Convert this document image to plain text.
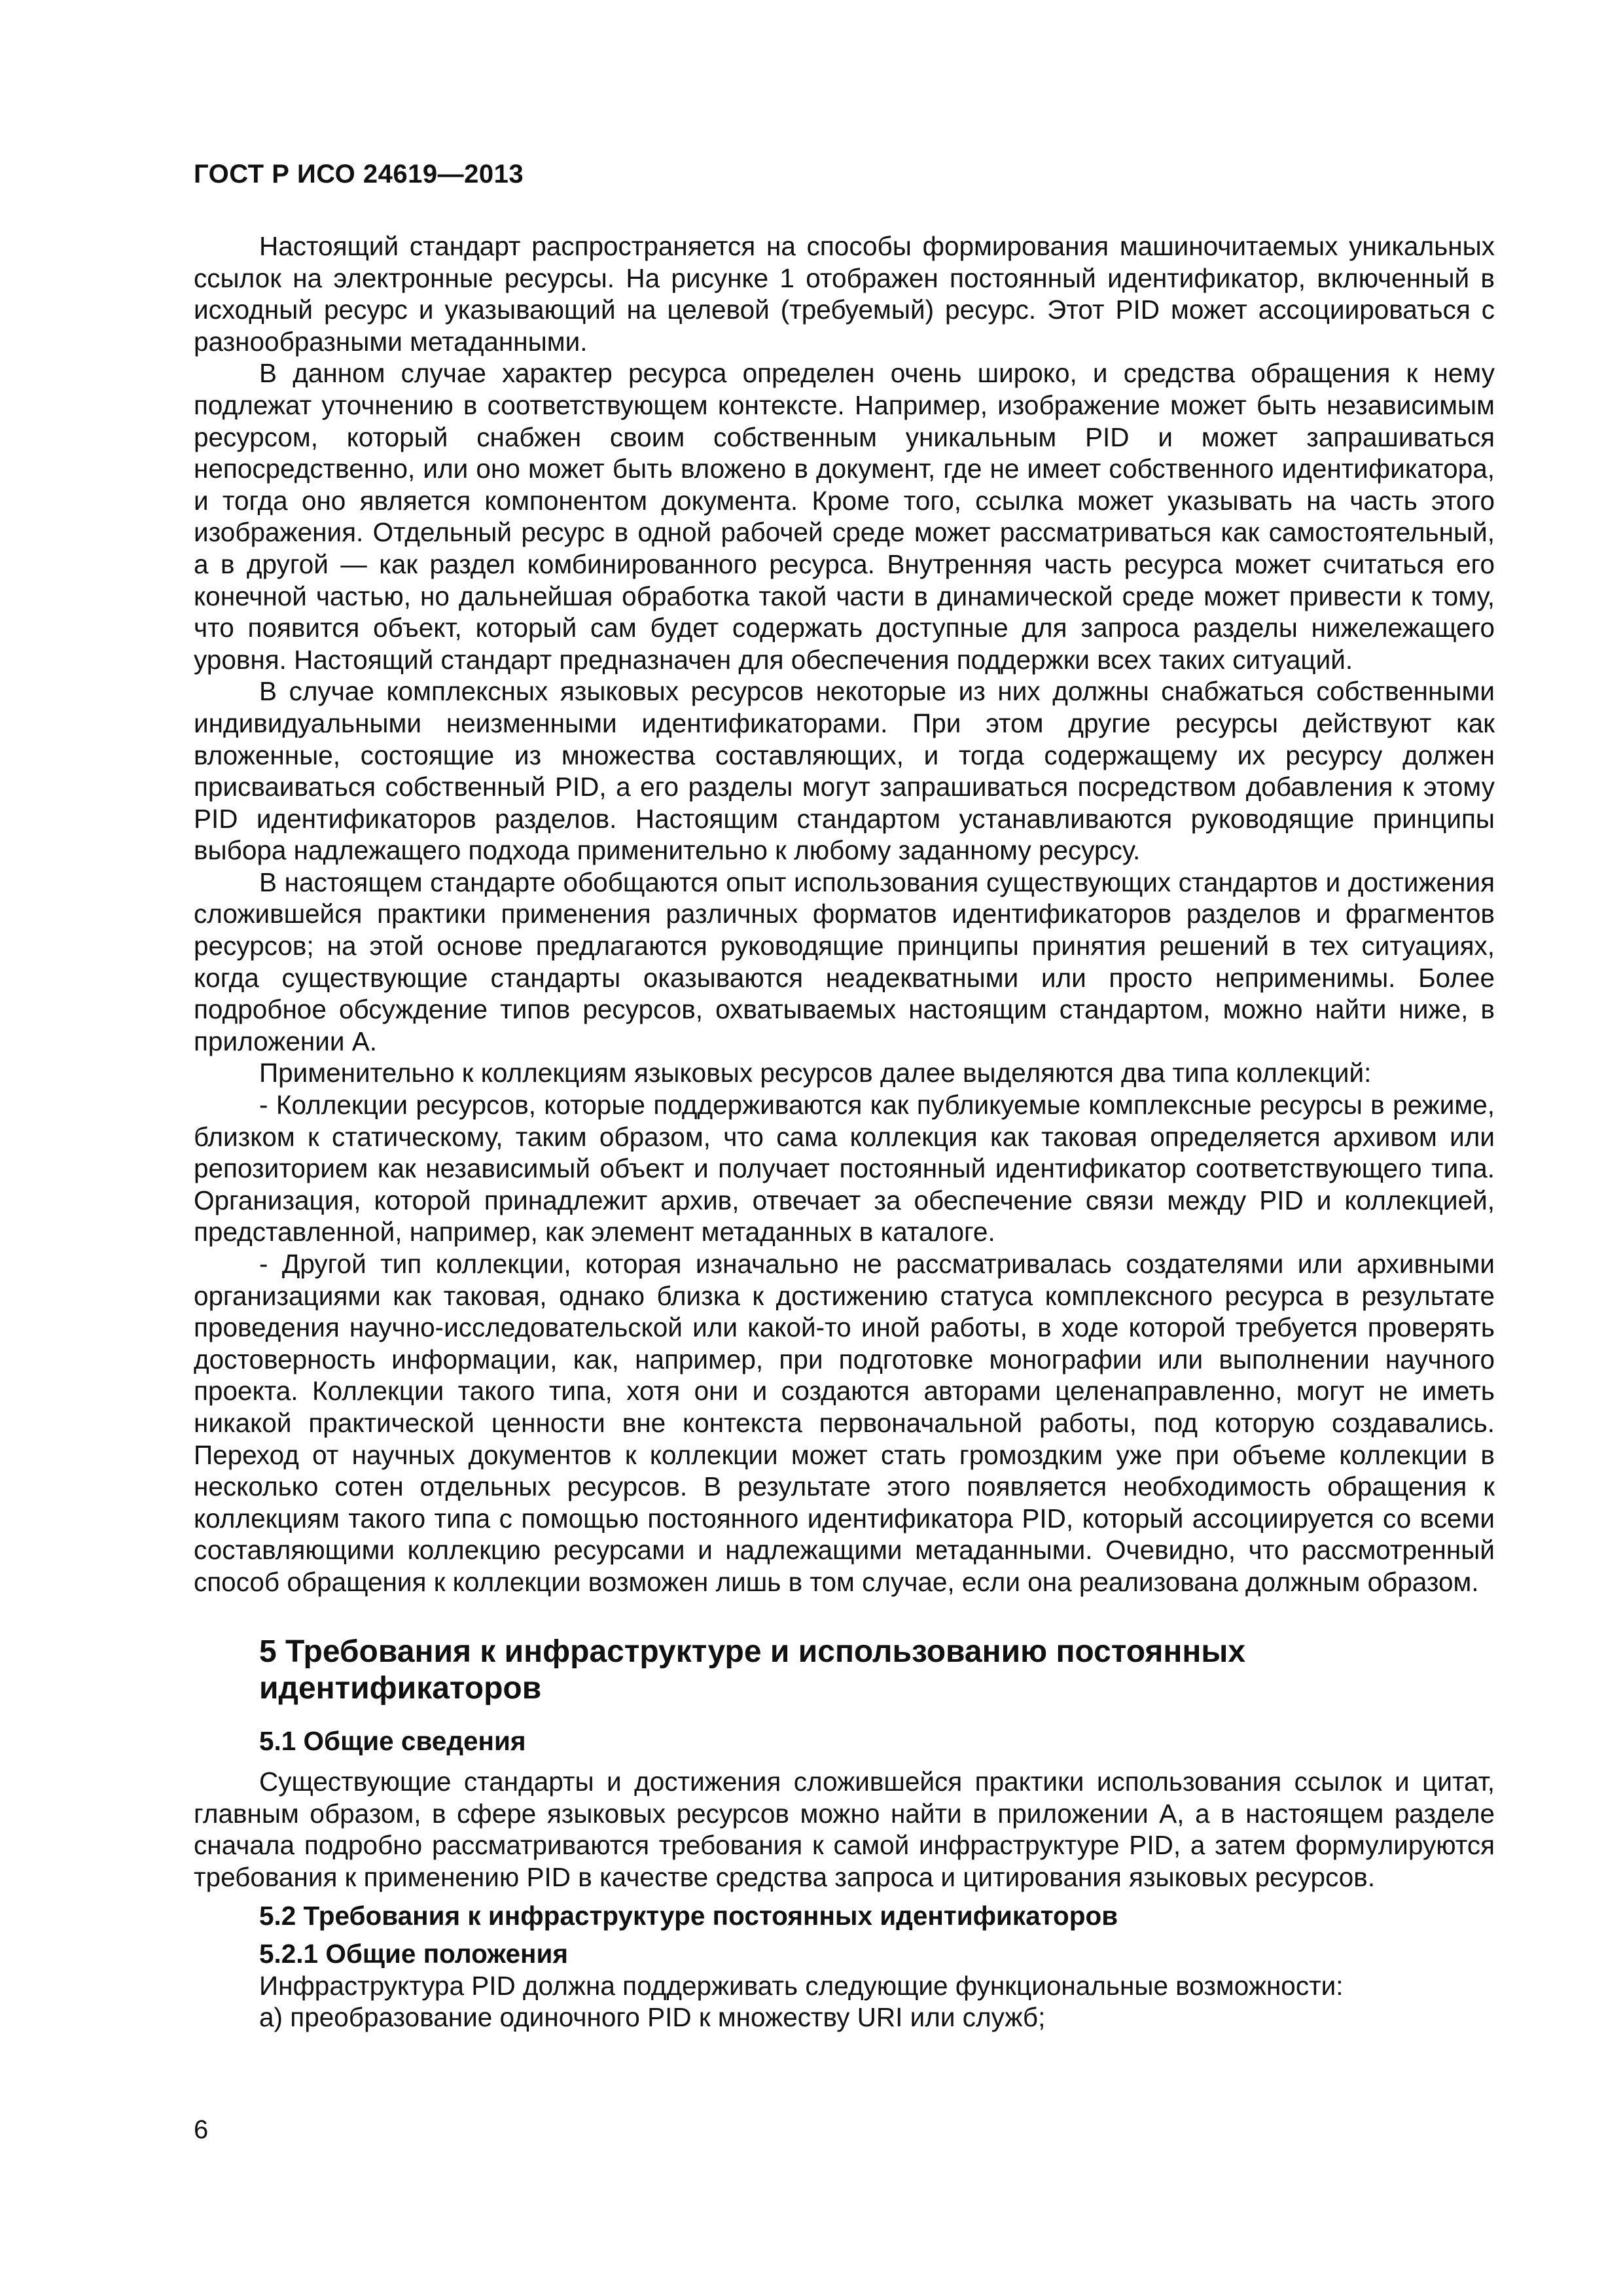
ГОСТ Р ИСО 24619—2013

Настоящий стандарт распространяется на способы формирования машиночитаемых уникальных ссылок на электронные ресурсы. На рисунке 1 отображен постоянный идентификатор, включенный в исходный ресурс и указывающий на целевой (требуемый) ресурс. Этот PID может ассоциироваться с разнообразными метаданными.

В данном случае характер ресурса определен очень широко, и средства обращения к нему подлежат уточнению в соответствующем контексте. Например, изображение может быть независимым ресурсом, который снабжен своим собственным уникальным PID и может запрашиваться непосредственно, или оно может быть вложено в документ, где не имеет собственного идентификатора, и тогда оно является компонентом документа. Кроме того, ссылка может указывать на часть этого изображения. Отдельный ресурс в одной рабочей среде может рассматриваться как самостоятельный, а в другой — как раздел комбинированного ресурса. Внутренняя часть ресурса может считаться его конечной частью, но дальнейшая обработка такой части в динамической среде может привести к тому, что появится объект, который сам будет содержать доступные для запроса разделы нижележащего уровня. Настоящий стандарт предназначен для обеспечения поддержки всех таких ситуаций.

В случае комплексных языковых ресурсов некоторые из них должны снабжаться собственными индивидуальными неизменными идентификаторами. При этом другие ресурсы действуют как вложенные, состоящие из множества составляющих, и тогда содержащему их ресурсу должен присваиваться собственный PID, а его разделы могут запрашиваться посредством добавления к этому PID идентификаторов разделов. Настоящим стандартом устанавливаются руководящие принципы выбора надлежащего подхода применительно к любому заданному ресурсу.

В настоящем стандарте обобщаются опыт использования существующих стандартов и достижения сложившейся практики применения различных форматов идентификаторов разделов и фрагментов ресурсов; на этой основе предлагаются руководящие принципы принятия решений в тех ситуациях, когда существующие стандарты оказываются неадекватными или просто неприменимы. Более подробное обсуждение типов ресурсов, охватываемых настоящим стандартом, можно найти ниже, в приложении А.

Применительно к коллекциям языковых ресурсов далее выделяются два типа коллекций:

- Коллекции ресурсов, которые поддерживаются как публикуемые комплексные ресурсы в режиме, близком к статическому, таким образом, что сама коллекция как таковая определяется архивом или репозиторием как независимый объект и получает постоянный идентификатор соответствующего типа. Организация, которой принадлежит архив, отвечает за обеспечение связи между PID и коллекцией, представленной, например, как элемент метаданных в каталоге.

- Другой тип коллекции, которая изначально не рассматривалась создателями или архивными организациями как таковая, однако близка к достижению статуса комплексного ресурса в результате проведения научно-исследовательской или какой-то иной работы, в ходе которой требуется проверять достоверность информации, как, например, при подготовке монографии или выполнении научного проекта. Коллекции такого типа, хотя они и создаются авторами целенаправленно, могут не иметь никакой практической ценности вне контекста первоначальной работы, под которую создавались. Переход от научных документов к коллекции может стать громоздким уже при объеме коллекции в несколько сотен отдельных ресурсов. В результате этого появляется необходимость обращения к коллекциям такого типа с помощью постоянного идентификатора PID, который ассоциируется со всеми составляющими коллекцию ресурсами и надлежащими метаданными. Очевидно, что рассмотренный способ обращения к коллекции возможен лишь в том случае, если она реализована должным образом.

5 Требования к инфраструктуре и использованию постоянных
идентификаторов
5.1 Общие сведения

Существующие стандарты и достижения сложившейся практики использования ссылок и цитат, главным образом, в сфере языковых ресурсов можно найти в приложении А, а в настоящем разделе сначала подробно рассматриваются требования к самой инфраструктуре PID, а затем формулируются требования к применению PID в качестве средства запроса и цитирования языковых ресурсов.

5.2 Требования к инфраструктуре постоянных идентификаторов
5.2.1 Общие положения

Инфраструктура PID должна поддерживать следующие функциональные возможности:

а) преобразование одиночного PID к множеству URI или служб;

6
